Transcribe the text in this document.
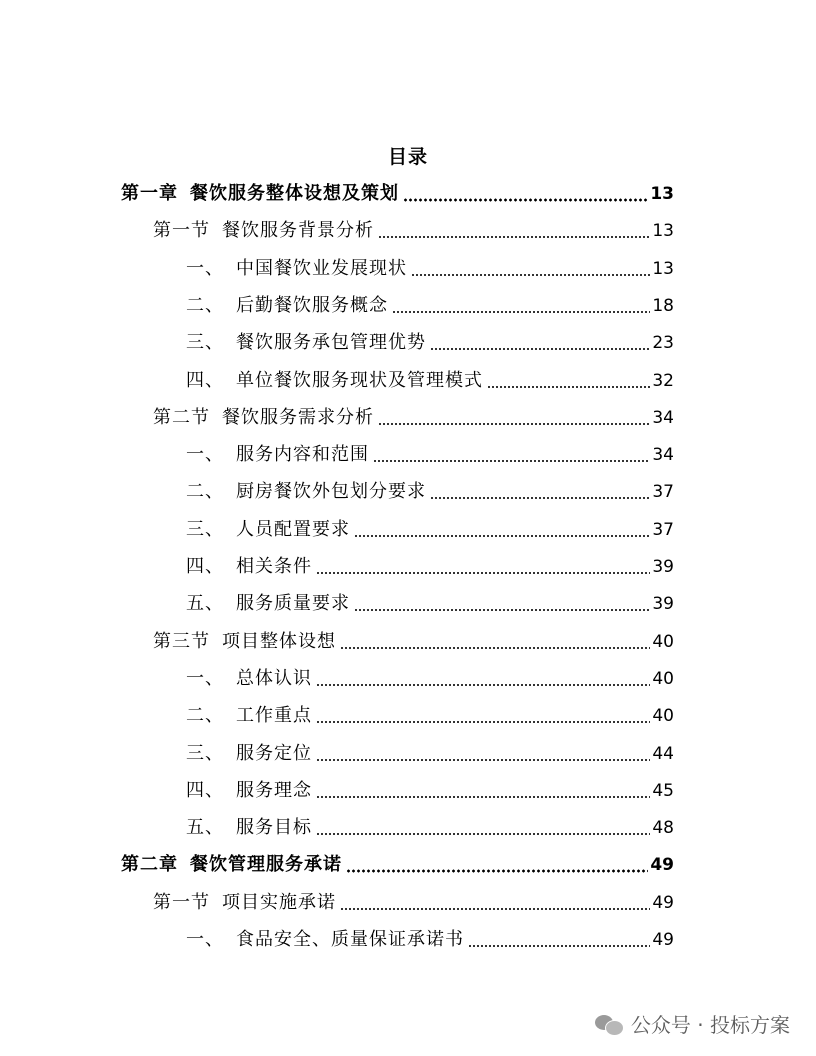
目录
第一章 餐饮服务整体设想及策划	13
第一节 餐饮服务背景分析	13
一、 中国餐饮业发展现状	13
二、 后勤餐饮服务概念	18
三、 餐饮服务承包管理优势	23
四、 单位餐饮服务现状及管理模式	32
第二节 餐饮服务需求分析	34
一、 服务内容和范围	34
二、 厨房餐饮外包划分要求	37
三、 人员配置要求	37
四、 相关条件	39
五、 服务质量要求	39
第三节 项目整体设想	40
一、 总体认识	40
二、 工作重点	40
三、 服务定位	44
四、 服务理念	45
五、 服务目标	48
第二章 餐饮管理服务承诺	49
第一节 项目实施承诺	49
一、 食品安全、质量保证承诺书	49
公众号 · 投标方案
